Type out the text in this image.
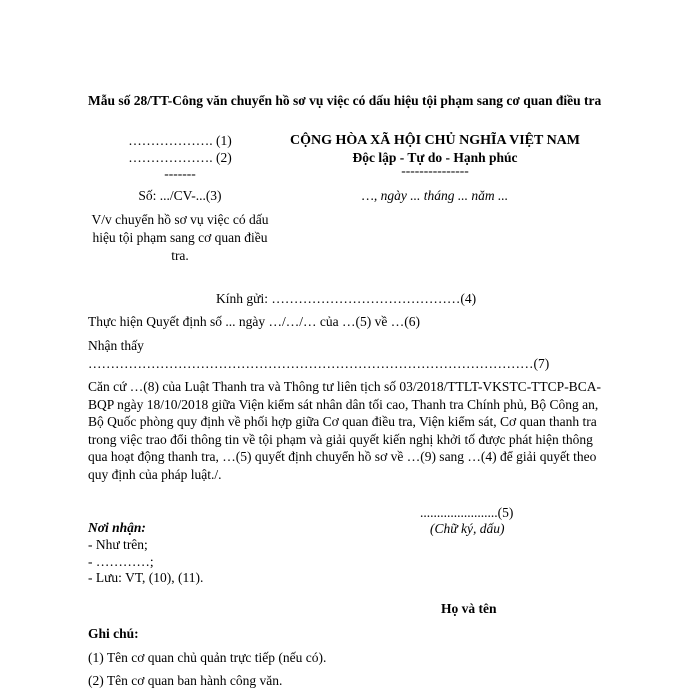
Mẫu số 28/TT-Công văn chuyển hồ sơ vụ việc có dấu hiệu tội phạm sang cơ quan điều tra
………………. (1)
………………. (2)
-------
Số: .../CV-...(3)
V/v chuyển hồ sơ vụ việc có dấu hiệu tội phạm sang cơ quan điều tra.
CỘNG HÒA XÃ HỘI CHỦ NGHĨA VIỆT NAM
Độc lập - Tự do - Hạnh phúc
---------------
…, ngày ... tháng ... năm ...
Kính gửi: ……………………………………(4)
Thực hiện Quyết định số ... ngày …/…/… của …(5) về …(6)
Nhận thấy
………………………………………………………………………………………(7)
Căn cứ …(8) của Luật Thanh tra và Thông tư liên tịch số 03/2018/TTLT-VKSTC-TTCP-BCA-BQP ngày 18/10/2018 giữa Viện kiểm sát nhân dân tối cao, Thanh tra Chính phủ, Bộ Công an, Bộ Quốc phòng quy định về phối hợp giữa Cơ quan điều tra, Viện kiểm sát, Cơ quan thanh tra trong việc trao đổi thông tin về tội phạm và giải quyết kiến nghị khởi tố được phát hiện thông qua hoạt động thanh tra, …(5) quyết định chuyển hồ sơ về …(9) sang …(4) để giải quyết theo quy định của pháp luật./.
.......................(5)
(Chữ ký, dấu)
Họ và tên
Nơi nhận:
- Như trên;
- …………;
- Lưu: VT, (10), (11).
Ghi chú:
(1) Tên cơ quan chủ quản trực tiếp (nếu có).
(2) Tên cơ quan ban hành công văn.
